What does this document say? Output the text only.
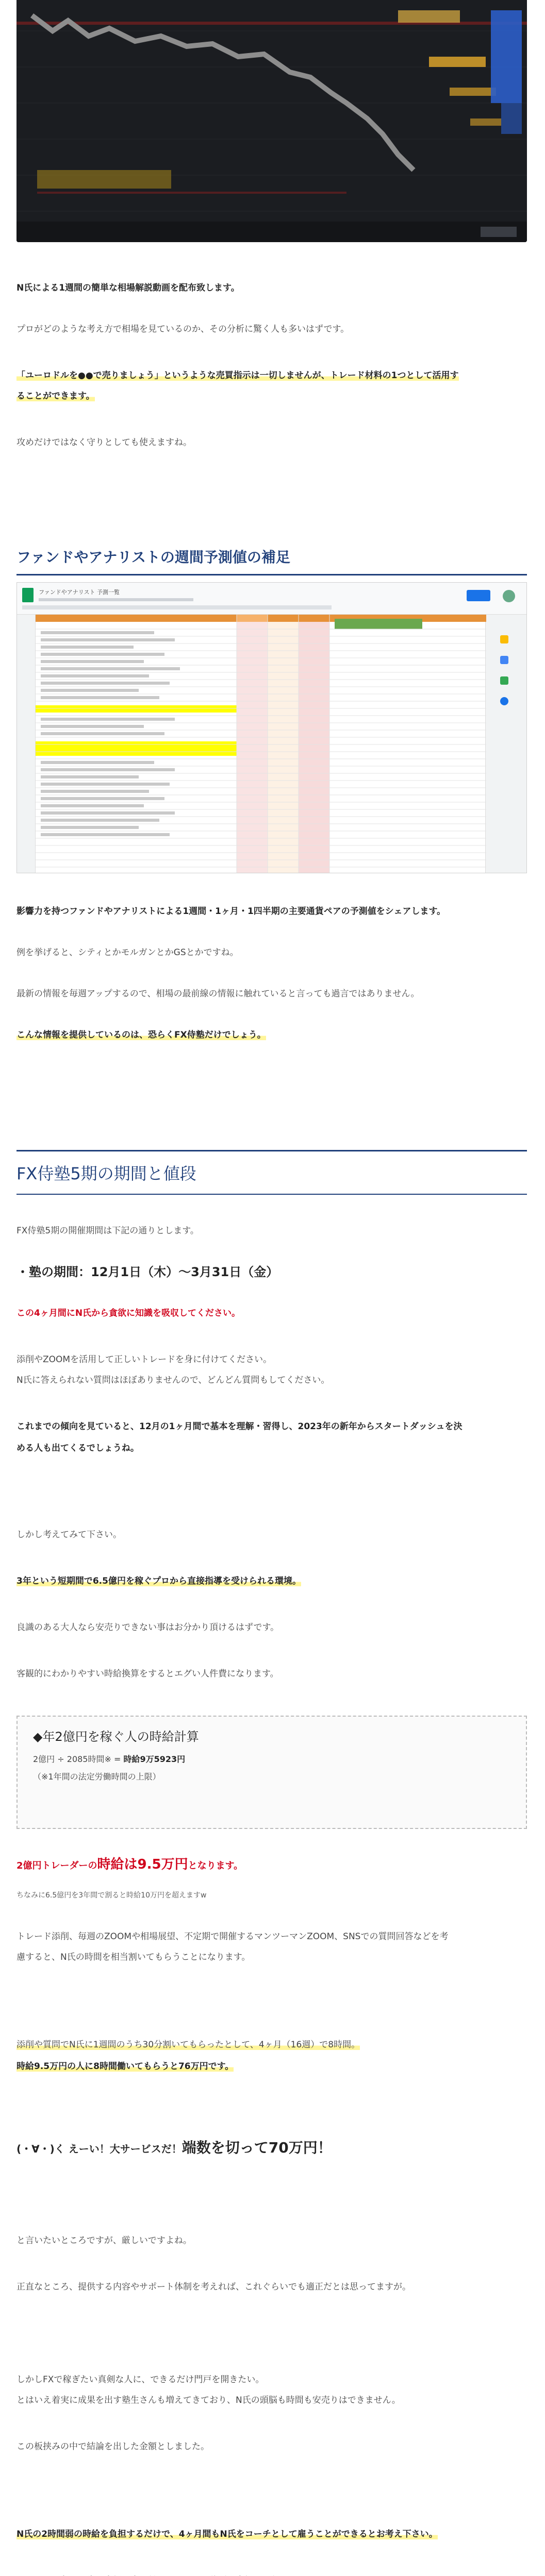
N氏による1週間の簡単な相場解説動画を配布致します。
プロがどのような考え方で相場を見ているのか、その分析に驚く人も多いはずです。
「ユーロドルを●●で売りましょう」というような売買指示は一切しませんが、トレード材料の1つとして活用す
ることができます。
攻めだけではなく守りとしても使えますね。
ファンドやアナリストの週間予測値の補足
ファンドやアナリスト 予測一覧
影響力を持つファンドやアナリストによる1週間・1ヶ月・1四半期の主要通貨ペアの予測値をシェアします。
例を挙げると、シティとかモルガンとかGSとかですね。
最新の情報を毎週アップするので、相場の最前線の情報に触れていると言っても過言ではありません。
こんな情報を提供しているのは、恐らくFX侍塾だけでしょう。
FX侍塾5期の期間と値段
FX侍塾5期の開催期間は下記の通りとします。
・塾の期間：12月1日（木）〜3月31日（金）
この4ヶ月間にN氏から貪欲に知識を吸収してください。
添削やZOOMを活用して正しいトレードを身に付けてください。
N氏に答えられない質問はほぼありませんので、どんどん質問もしてください。
これまでの傾向を見ていると、12月の1ヶ月間で基本を理解・習得し、2023年の新年からスタートダッシュを決
める人も出てくるでしょうね。
しかし考えてみて下さい。
3年という短期間で6.5億円を稼ぐプロから直接指導を受けられる環境。
良識のある大人なら安売りできない事はお分かり頂けるはずです。
客観的にわかりやすい時給換算をするとエグい人件費になります。
◆年2億円を稼ぐ人の時給計算
2億円 ÷ 2085時間※ = 時給9万5923円
（※1年間の法定労働時間の上限）
2億円トレーダーの時給は9.5万円となります。
ちなみに6.5億円を3年間で割ると時給10万円を超えますw
トレード添削、毎週のZOOMや相場展望、不定期で開催するマンツーマンZOOM、SNSでの質問回答などを考
慮すると、N氏の時間を相当割いてもらうことになります。
添削や質問でN氏に1週間のうち30分割いてもらったとして、4ヶ月（16週）で8時間。
時給9.5万円の人に8時間働いてもらうと76万円です。
(・∀・)く えーい！大サービスだ！端数を切って70万円！
と言いたいところですが、厳しいですよね。
正直なところ、提供する内容やサポート体制を考えれば、これぐらいでも適正だとは思ってますが。
しかしFXで稼ぎたい真剣な人に、できるだけ門戸を開きたい。
とはいえ着実に成果を出す塾生さんも増えてきており、N氏の頭脳も時間も安売りはできません。
この板挟みの中で結論を出した金額としました。
N氏の2時間弱の時給を負担するだけで、4ヶ月間もN氏をコーチとして雇うことができるとお考え下さい。
